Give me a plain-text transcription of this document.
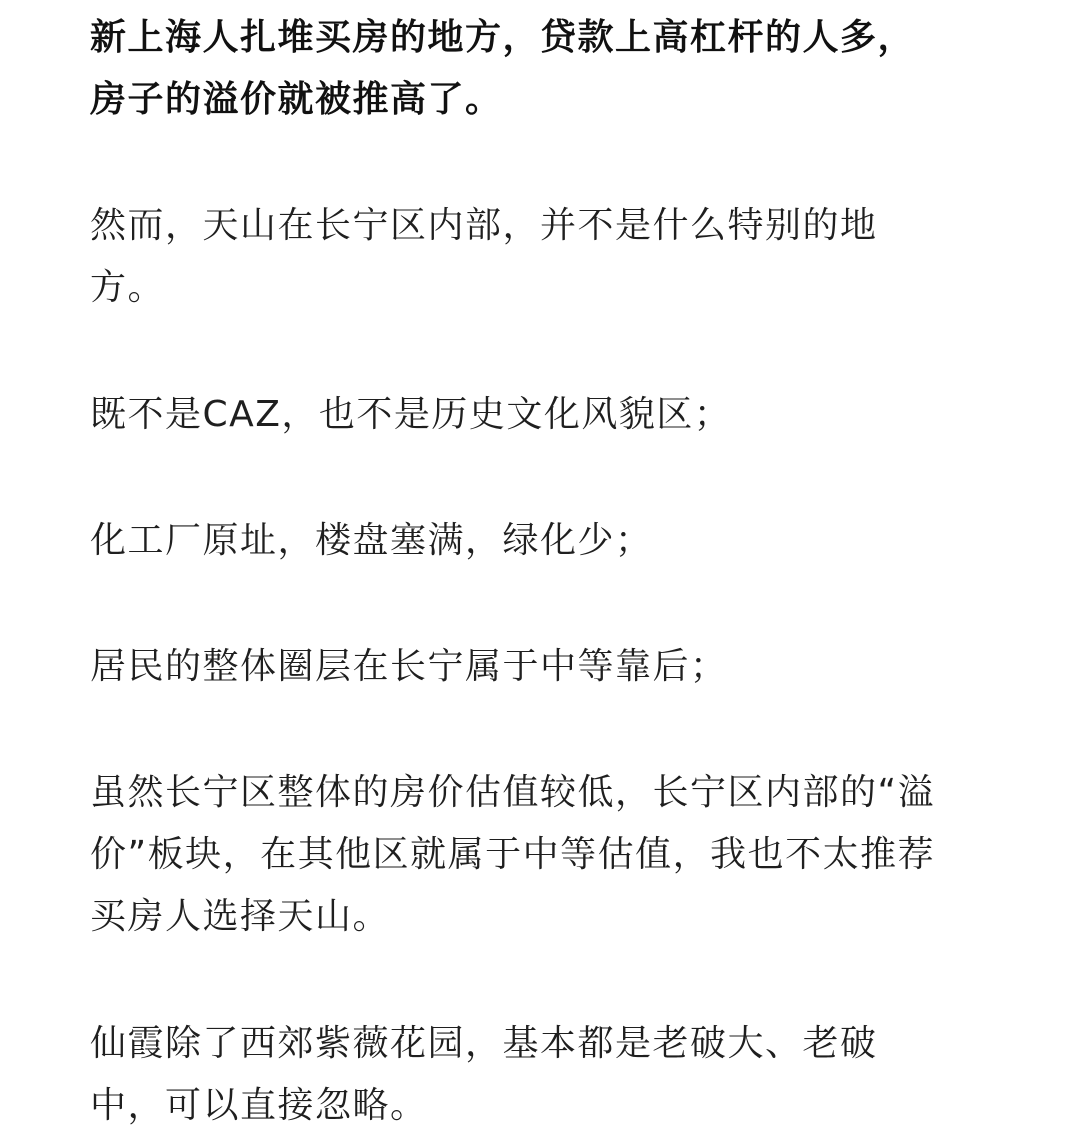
新上海人扎堆买房的地方，贷款上高杠杆的人多，
房子的溢价就被推高了。

然而，天山在长宁区内部，并不是什么特别的地
方。

既不是CAZ，也不是历史文化风貌区；

化工厂原址，楼盘塞满，绿化少；

居民的整体圈层在长宁属于中等靠后；

虽然长宁区整体的房价估值较低，长宁区内部的“溢
价”板块，在其他区就属于中等估值，我也不太推荐
买房人选择天山。

仙霞除了西郊紫薇花园，基本都是老破大、老破
中，可以直接忽略。
